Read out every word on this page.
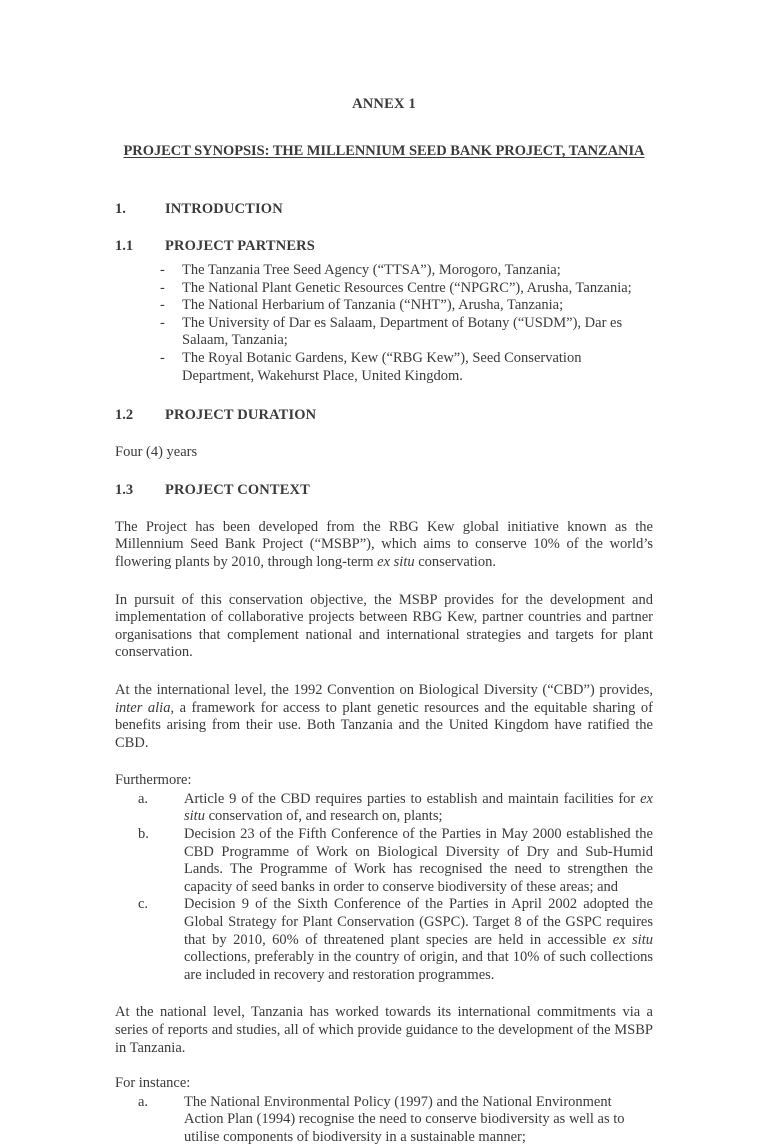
ANNEX 1
PROJECT SYNOPSIS: THE MILLENNIUM SEED BANK PROJECT, TANZANIA
1.	INTRODUCTION
1.1	PROJECT PARTNERS
-	The Tanzania Tree Seed Agency (“TTSA”), Morogoro, Tanzania;
-	The National Plant Genetic Resources Centre (“NPGRC”), Arusha, Tanzania;
-	The National Herbarium of Tanzania (“NHT”), Arusha, Tanzania;
-	The University of Dar es Salaam, Department of Botany (“USDM”), Dar es Salaam, Tanzania;
-	The Royal Botanic Gardens, Kew (“RBG Kew”), Seed Conservation Department, Wakehurst Place, United Kingdom.
1.2	PROJECT DURATION
Four (4) years
1.3	PROJECT CONTEXT

The Project has been developed from the RBG Kew global initiative known as the Millennium Seed Bank Project (“MSBP”), which aims to conserve 10% of the world’s flowering plants by 2010, through long-term ex situ conservation.

In pursuit of this conservation objective, the MSBP provides for the development and implementation of collaborative projects between RBG Kew, partner countries and partner organisations that complement national and international strategies and targets for plant conservation.

At the international level, the 1992 Convention on Biological Diversity (“CBD”) provides, inter alia, a framework for access to plant genetic resources and the equitable sharing of benefits arising from their use. Both Tanzania and the United Kingdom have ratified the CBD.

Furthermore:
a.	Article 9 of the CBD requires parties to establish and maintain facilities for ex situ conservation of, and research on, plants;
b.	Decision 23 of the Fifth Conference of the Parties in May 2000 established the CBD Programme of Work on Biological Diversity of Dry and Sub-Humid Lands. The Programme of Work has recognised the need to strengthen the capacity of seed banks in order to conserve biodiversity of these areas; and
c.	Decision 9 of the Sixth Conference of the Parties in April 2002 adopted the Global Strategy for Plant Conservation (GSPC). Target 8 of the GSPC requires that by 2010, 60% of threatened plant species are held in accessible ex situ collections, preferably in the country of origin, and that 10% of such collections are included in recovery and restoration programmes.

At the national level, Tanzania has worked towards its international commitments via a series of reports and studies, all of which provide guidance to the development of the MSBP in Tanzania.

For instance:
a.	The National Environmental Policy (1997) and the National Environment Action Plan (1994) recognise the need to conserve biodiversity as well as to utilise components of biodiversity in a sustainable manner;
